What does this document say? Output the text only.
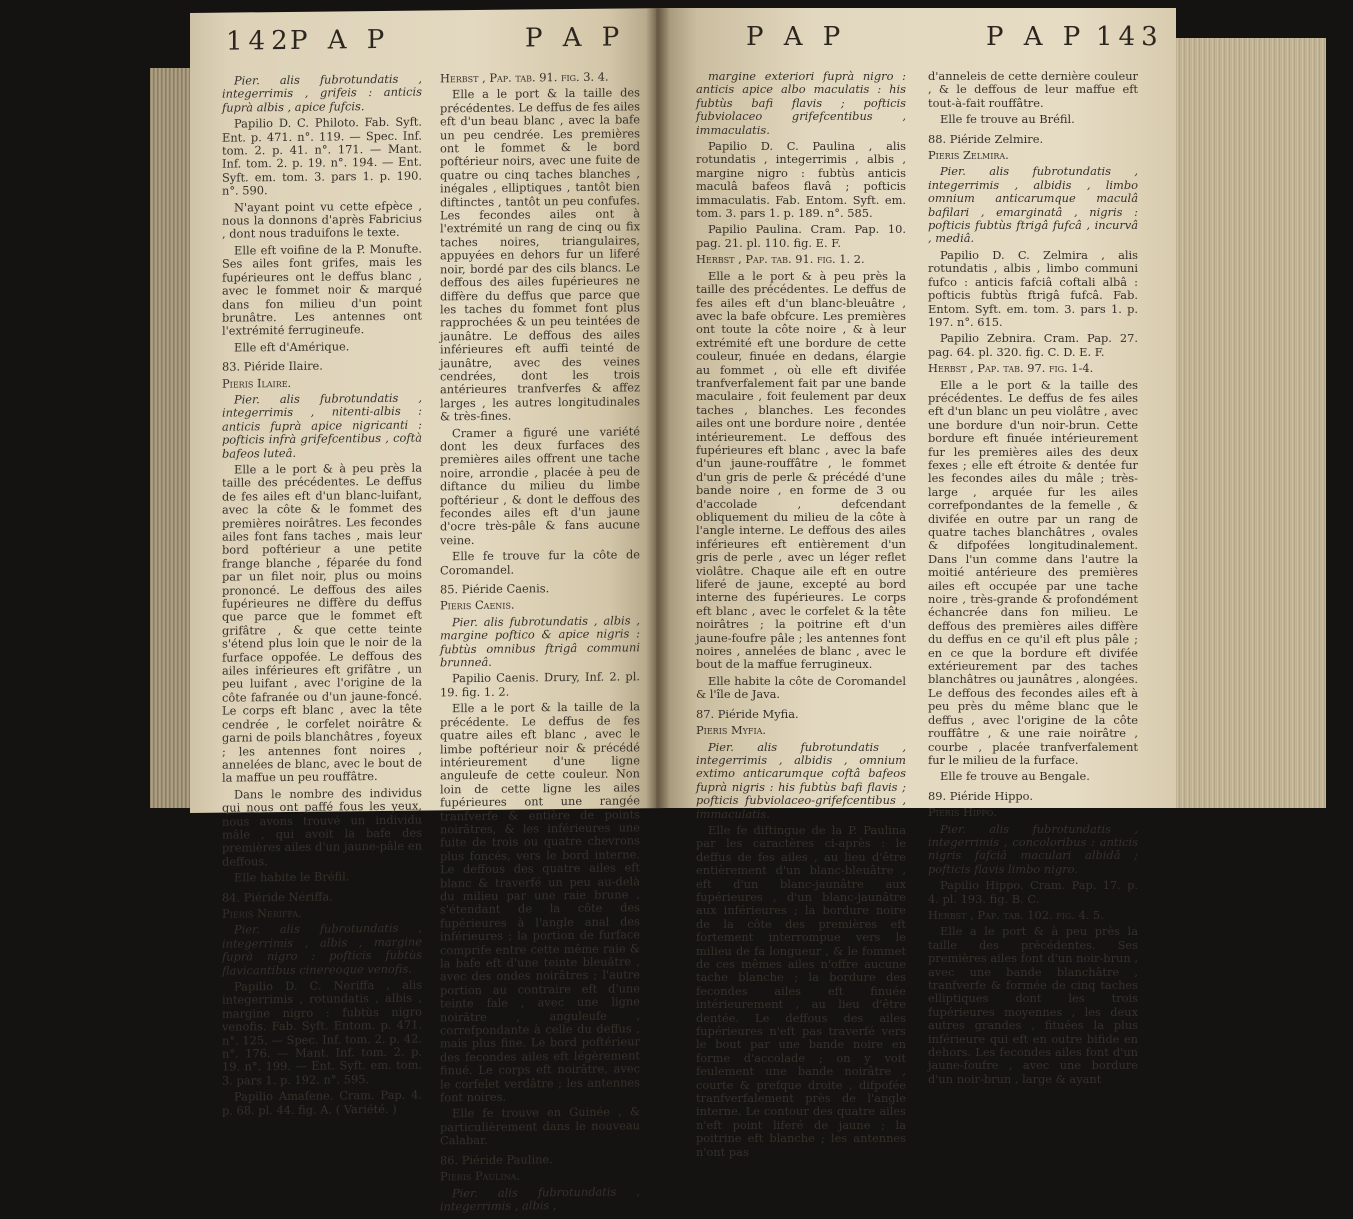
142
P A P	P A P

Pier. alis fubrotundatis , integerrimis , grifeis : anticis fuprà albis , apice fufcis.

Papilio D. C. Philoto. Fab. Syft. Ent. p. 471. n°. 119. — Spec. Inf. tom. 2. p. 41. n°. 171. — Mant. Inf. tom. 2. p. 19. n°. 194. — Ent. Syft. em. tom. 3. pars 1. p. 190. n°. 590.

N'ayant point vu cette efpèce , nous la donnons d'après Fabricius , dont nous traduifons le texte.

Elle eft voifine de la P. Monufte. Ses ailes font grifes, mais les fupérieures ont le deffus blanc , avec le fommet noir & marqué dans fon milieu d'un point brunâtre. Les antennes ont l'extrémité ferrugineufe.

Elle eft d'Amérique.

83. Piéride Ilaire.

Pieris Ilaire.

Pier. alis fubrotundatis , integerrimis , nitenti-albis : anticis fuprà apice nigricanti : pofticis infrà grifefcentibus , coftà bafeos luteâ.

Elle a le port & à peu près la taille des précédentes. Le deffus de fes ailes eft d'un blanc-luifant, avec la côte & le fommet des premières noirâtres. Les fecondes ailes font fans taches , mais leur bord poftérieur a une petite frange blanche , féparée du fond par un filet noir, plus ou moins prononcé. Le deffous des ailes fupérieures ne diffère du deffus que parce que le fommet eft grifâtre , & que cette teinte s'étend plus loin que le noir de la furface oppofée. Le deffous des ailes inférieures eft grifâtre , un peu luifant , avec l'origine de la côte fafranée ou d'un jaune-foncé. Le corps eft blanc , avec la tête cendrée , le corfelet noirâtre & garni de poils blanchâtres , foyeux ; les antennes font noires , annelées de blanc, avec le bout de la maffue un peu rouffâtre.

Dans le nombre des individus qui nous ont paffé fous les yeux, nous avons trouvé un individu mâle , qui avoit la bafe des premières ailes d'un jaune-pâle en deffous.

Elle habite le Bréfil.

84. Piéride Nériffa.

Pieris Neriffa.

Pier. alis fubrotundatis , integerrimis , albis , margine fuprà nigro : pofticis fubtùs flavicantibus cinereoque venofis.

Papilio D. C. Neriffa , alis integerrimis , rotundatis , albis , margine nigro : fubtùs nigro venofis. Fab. Syft. Entom. p. 471. n°. 125. — Spec. Inf. tom. 2. p. 42. n°. 176. — Mant. Inf. tom. 2. p. 19. n°. 199. — Ent. Syft. em. tom. 3. pars 1. p. 192. n°. 595.

Papilio Amafene. Cram. Pap. 4. p. 68. pl. 44. fig. A. ( Variété. )

Herbst , Pap. tab. 91. fig. 3. 4.

Elle a le port & la taille des précédentes. Le deffus de fes ailes eft d'un beau blanc , avec la bafe un peu cendrée. Les premières ont le fommet & le bord poftérieur noirs, avec une fuite de quatre ou cinq taches blanches , inégales , elliptiques , tantôt bien diftinctes , tantôt un peu confufes. Les fecondes ailes ont à l'extrémité un rang de cinq ou fix taches noires, triangulaires, appuyées en dehors fur un liferé noir, bordé par des cils blancs. Le deffous des ailes fupérieures ne diffère du deffus que parce que les taches du fommet font plus rapprochées & un peu teintées de jaunâtre. Le deffous des ailes inférieures eft auffi teinté de jaunâtre, avec des veines cendrées, dont les trois antérieures tranfverfes & affez larges , les autres longitudinales & très-fines.

Cramer a figuré une variété dont les deux furfaces des premières ailes offrent une tache noire, arrondie , placée à peu de diftance du milieu du limbe poftérieur , & dont le deffous des fecondes ailes eft d'un jaune d'ocre très-pâle & fans aucune veine.

Elle fe trouve fur la côte de Coromandel.

85. Piéride Caenis.

Pieris Caenis.

Pier. alis fubrotundatis , albis , margine poftico & apice nigris : fubtùs omnibus ftrigâ communi brunneâ.

Papilio Caenis. Drury, Inf. 2. pl. 19. fig. 1. 2.

Elle a le port & la taille de la précédente. Le deffus de fes quatre ailes eft blanc , avec le limbe poftérieur noir & précédé intérieurement d'une ligne anguleufe de cette couleur. Non loin de cette ligne les ailes fupérieures ont une rangée tranfverfe & entière de points noirâtres, & les inférieures une fuite de trois ou quatre chevrons plus foncés, vers le bord interne. Le deffous des quatre ailes eft blanc & traverfé un peu au-delà du milieu par une raie brune , s'étendant de la côte des fupérieures à l'angle anal des inférieures ; la portion de furface comprife entre cette même raie & la bafe eft d'une teinte bleuâtre , avec des ondes noirâtres ; l'autre portion au contraire eft d'une teinte fale , avec une ligne noirâtre , anguleufe , correfpondante à celle du deffus , mais plus fine. Le bord poftérieur des fecondes ailes eft légèrement finué. Le corps eft noirâtre, avec le corfelet verdâtre ; les antennes font noires.

Elle fe trouve en Guinée , & particulièrement dans le nouveau Calabar.

86. Piéride Pauline.

Pieris Paulina.

Pier. alis fubrotundatis , integerrimis , albis ,

P A P	P A P 143

margine exteriori fuprà nigro : anticis apice albo maculatis : his fubtùs bafi flavis ; pofticis fubviolaceo grifefcentibus , immaculatis.

Papilio D. C. Paulina , alis rotundatis , integerrimis , albis , margine nigro : fubtùs anticis maculâ bafeos flavâ ; pofticis immaculatis. Fab. Entom. Syft. em. tom. 3. pars 1. p. 189. n°. 585.

Papilio Paulina. Cram. Pap. 10. pag. 21. pl. 110. fig. E. F.

Herbst , Pap. tab. 91. fig. 1. 2.

Elle a le port & à peu près la taille des précédentes. Le deffus de fes ailes eft d'un blanc-bleuâtre , avec la bafe obfcure. Les premières ont toute la côte noire , & à leur extrémité eft une bordure de cette couleur, finuée en dedans, élargie au fommet , où elle eft divifée tranfverfalement fait par une bande maculaire , foit feulement par deux taches , blanches. Les fecondes ailes ont une bordure noire , dentée intérieurement. Le deffous des fupérieures eft blanc , avec la bafe d'un jaune-rouffâtre , le fommet d'un gris de perle & précédé d'une bande noire , en forme de 3 ou d'accolade , defcendant obliquement du milieu de la côte à l'angle interne. Le deffous des ailes inférieures eft entièrement d'un gris de perle , avec un léger reflet violâtre. Chaque aile eft en outre liferé de jaune, excepté au bord interne des fupérieures. Le corps eft blanc , avec le corfelet & la tête noirâtres ; la poitrine eft d'un jaune-foufre pâle ; les antennes font noires , annelées de blanc , avec le bout de la maffue ferrugineux.

Elle habite la côte de Coromandel & l'île de Java.

87. Piéride Myfia.

Pieris Myfia.

Pier. alis fubrotundatis , integerrimis , albidis , omnium extimo anticarumque coftâ bafeos fuprà nigris : his fubtùs bafi flavis ; pofticis fubviolaceo-grifefcentibus , immaculatis.

Elle fe diftingue de la P. Paulina par les caractères ci-après : le deffus de fes ailes , au lieu d'être entièrement d'un blanc-bleuâtre , eft d'un blanc-jaunâtre aux fupérieures , d'un blanc-jaunâtre aux inférieures ; la bordure noire de la côte des premières eft fortement interrompue vers le milieu de fa longueur , & le fommet de ces mêmes ailes n'offre aucune tache blanche ; la bordure des fecondes ailes eft finuée intérieurement , au lieu d'être dentée. Le deffous des ailes fupérieures n'eft pas traverfé vers le bout par une bande noire en forme d'accolade ; on y voit feulement une bande noirâtre , courte & prefque droite , difpofée tranfverfalement près de l'angle interne. Le contour des quatre ailes n'eft point liferé de jaune ; la poitrine eft blanche ; les antennes n'ont pas

d'anneleis de cette dernière couleur , & le deffous de leur maffue eft tout-à-fait rouffâtre.

Elle fe trouve au Bréfil.

88. Piéride Zelmire.

Pieris Zelmira.

Pier. alis fubrotundatis , integerrimis , albidis , limbo omnium anticarumque maculâ bafilari , emarginatâ , nigris : pofticis fubtùs ftrigâ fufcâ , incurvâ , mediâ.

Papilio D. C. Zelmira , alis rotundatis , albis , limbo communi fufco : anticis fafciâ coftali albâ : pofticis fubtùs ftrigâ fufcâ. Fab. Entom. Syft. em. tom. 3. pars 1. p. 197. n°. 615.

Papilio Zebnira. Cram. Pap. 27. pag. 64. pl. 320. fig. C. D. E. F.

Herbst , Pap. tab. 97. fig. 1-4.

Elle a le port & la taille des précédentes. Le deffus de fes ailes eft d'un blanc un peu violâtre , avec une bordure d'un noir-brun. Cette bordure eft finuée intérieurement fur les premières ailes des deux fexes ; elle eft étroite & dentée fur les fecondes ailes du mâle ; très-large , arquée fur les ailes correfpondantes de la femelle , & divifée en outre par un rang de quatre taches blanchâtres , ovales & difpofées longitudinalement. Dans l'un comme dans l'autre la moitié antérieure des premières ailes eft occupée par une tache noire , très-grande & profondément échancrée dans fon milieu. Le deffous des premières ailes diffère du deffus en ce qu'il eft plus pâle ; en ce que la bordure eft divifée extérieurement par des taches blanchâtres ou jaunâtres , alongées. Le deffous des fecondes ailes eft à peu près du même blanc que le deffus , avec l'origine de la côte rouffâtre , & une raie noirâtre , courbe , placée tranfverfalement fur le milieu de la furface.

Elle fe trouve au Bengale.

89. Piéride Hippo.

Pieris Hippo.

Pier. alis fubrotundatis , integerrimis , concoloribus : anticis nigris fafciâ maculari albidâ ; pofticis flavis limbo nigro.

Papilio Hippo. Cram. Pap. 17. p. 4. pl. 193. fig. B. C.

Herbst , Pap. tab. 102. fig. 4. 5.

Elle a le port & à peu près la taille des précédentes. Ses premières ailes font d'un noir-brun , avec une bande blanchâtre , tranfverfe & formée de cinq taches elliptiques dont les trois fupérieures moyennes , les deux autres grandes , fituées la plus inférieure qui eft en outre bifide en dehors. Les fecondes ailes font d'un jaune-foufre , avec une bordure d'un noir-brun , large & ayant
